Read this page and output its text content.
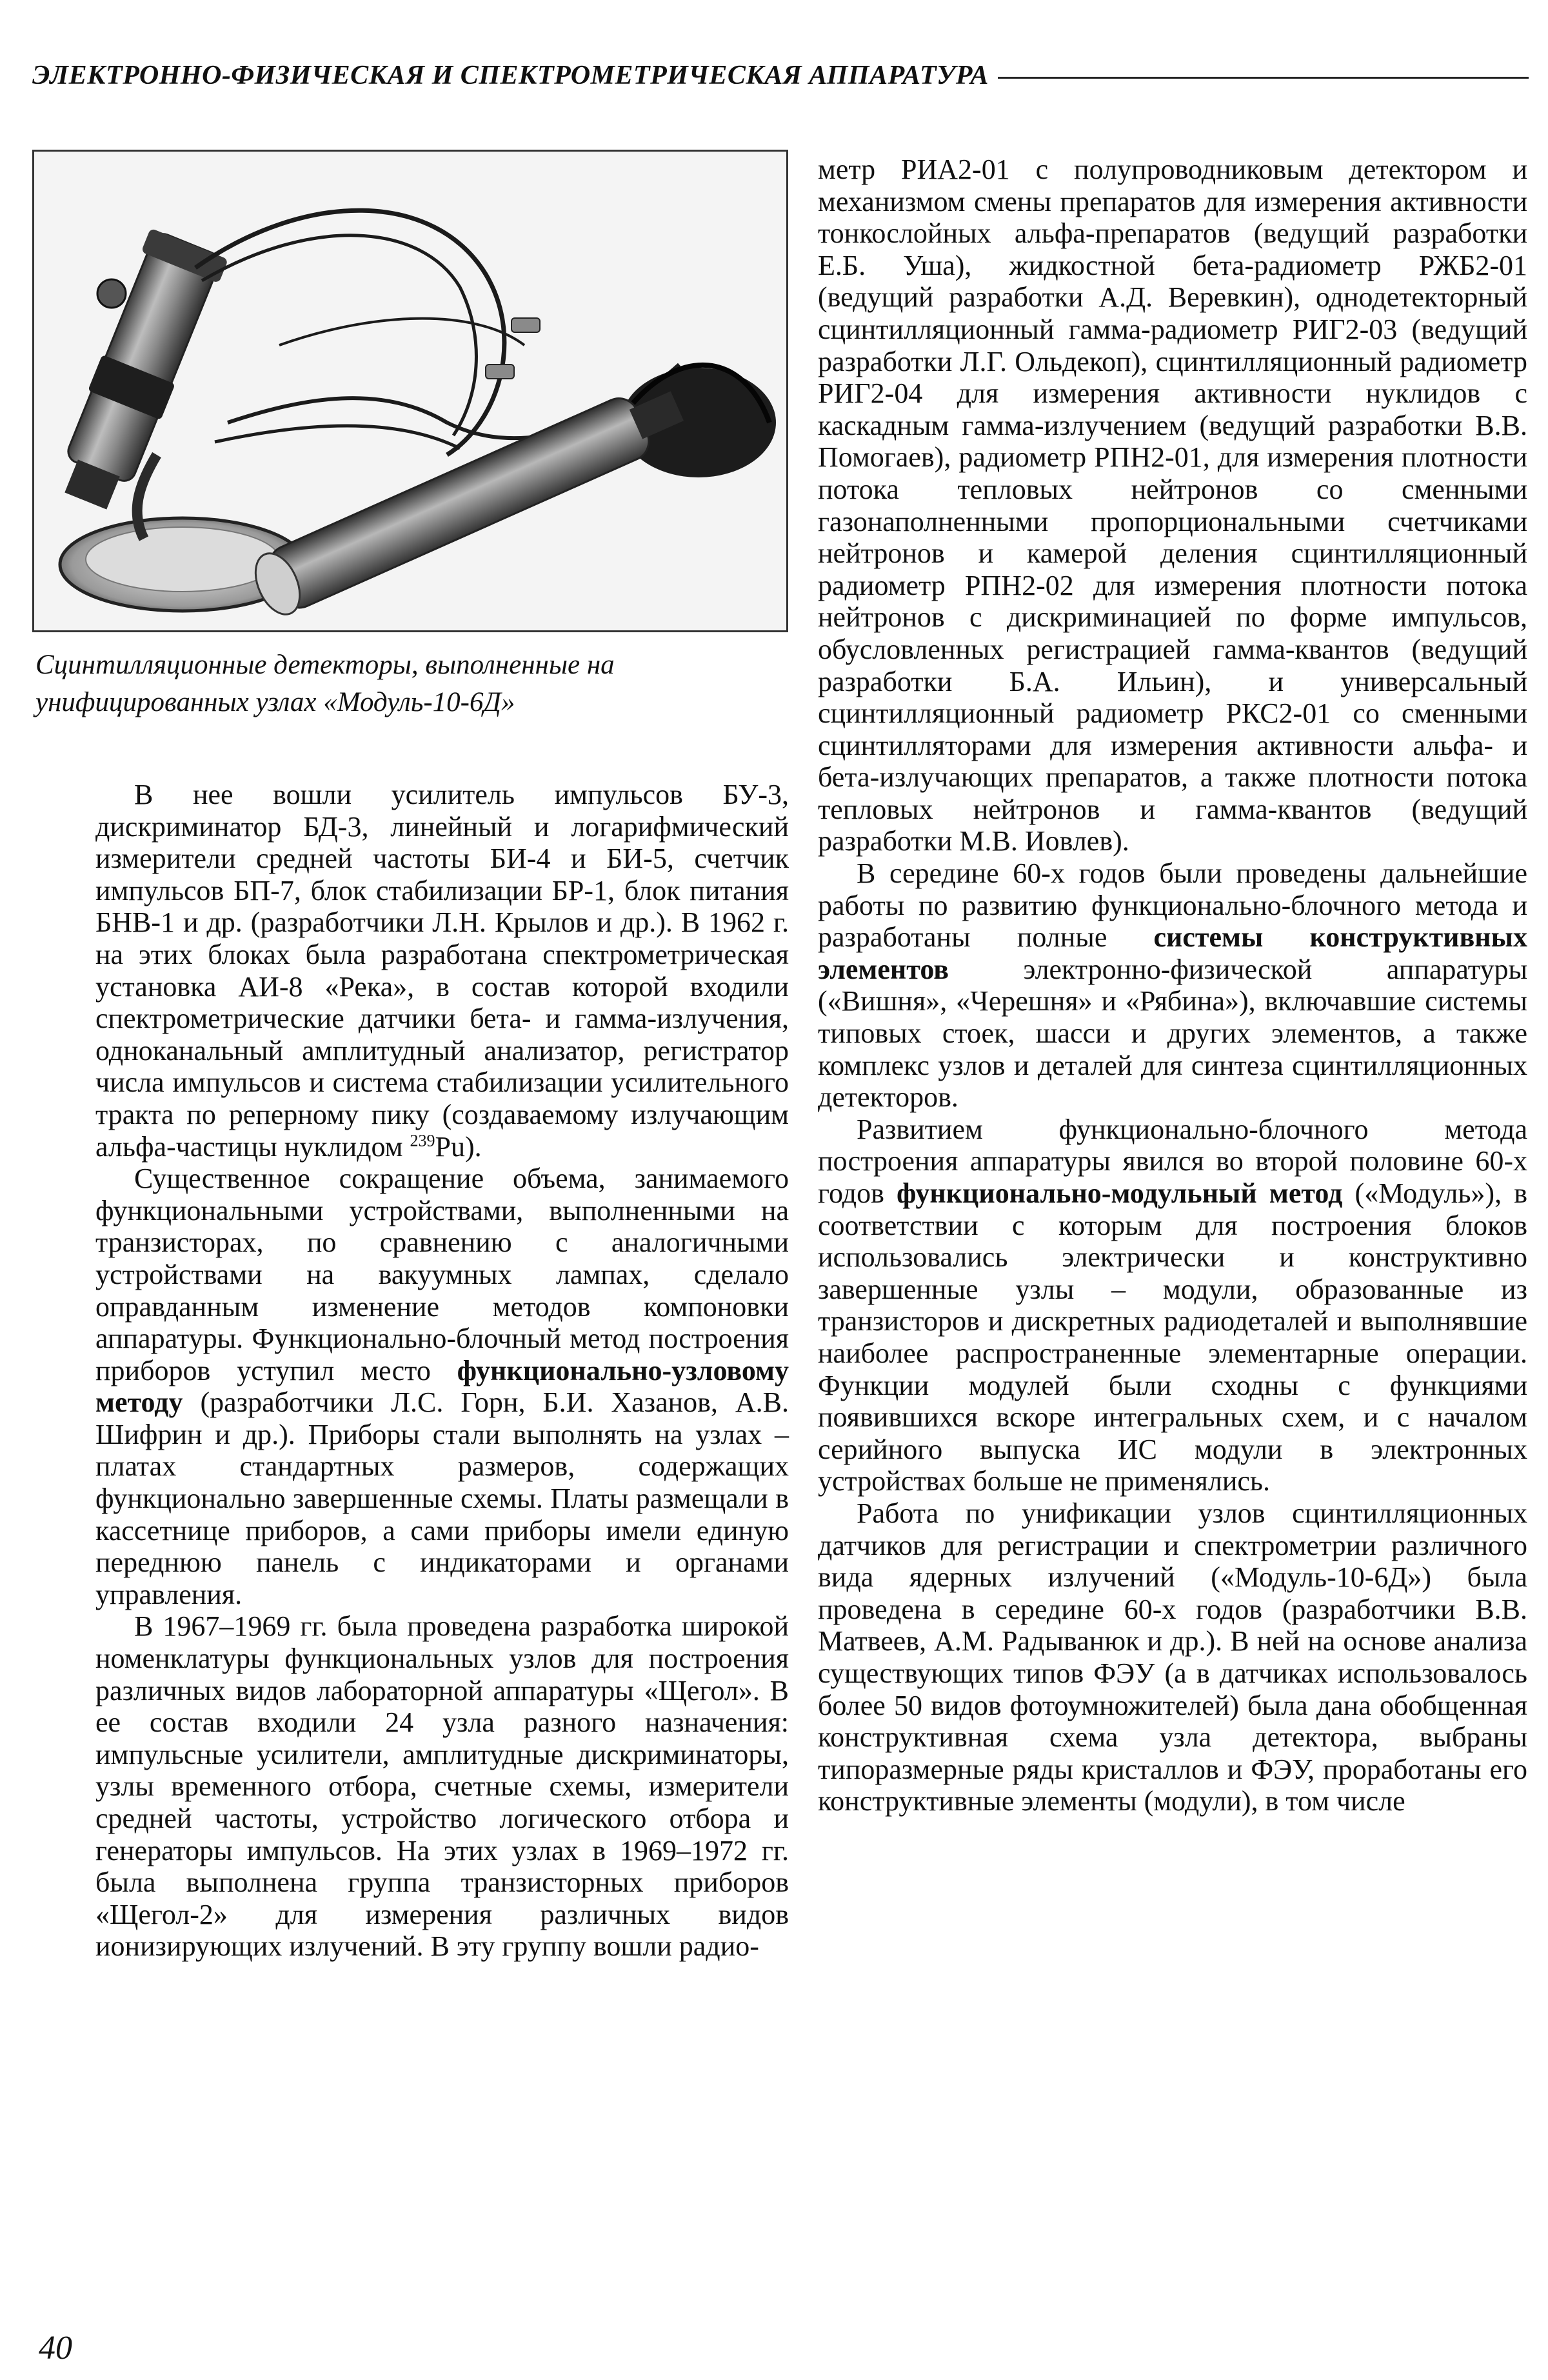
ЭЛЕКТРОННО-ФИЗИЧЕСКАЯ И СПЕКТРОМЕТРИЧЕСКАЯ АППАРАТУРА
Сцинтилляционные детекторы, выполненные на
унифицированных узлах «Модуль-10-6Д»

В нее вошли усилитель импульсов БУ-3, дискриминатор БД-3, линейный и логарифмический измерители средней частоты БИ-4 и БИ-5, счетчик импульсов БП-7, блок стабилизации БР-1, блок питания БНВ-1 и др. (разработчики Л.Н. Крылов и др.). В 1962 г. на этих блоках была разработана спектрометрическая установка АИ-8 «Река», в состав которой входили спектрометрические датчики бета- и гамма-излучения, одноканальный амплитудный анализатор, регистратор числа импульсов и система стабилизации усилительного тракта по реперному пику (создаваемому излучающим альфа-частицы нуклидом $^{239}$Pu).

Существенное сокращение объема, занимаемого функциональными устройствами, выполненными на транзисторах, по сравнению с аналогичными устройствами на вакуумных лампах, сделало оправданным изменение методов компоновки аппаратуры. Функционально-блочный метод построения приборов уступил место функционально-узловому методу (разработчики Л.С. Горн, Б.И. Хазанов, А.В. Шифрин и др.). Приборы стали выполнять на узлах – платах стандартных размеров, содержащих функционально завершенные схемы. Платы размещали в кассетнице приборов, а сами приборы имели единую переднюю панель с индикаторами и органами управления.

В 1967–1969 гг. была проведена разработка широкой номенклатуры функциональных узлов для построения различных видов лабораторной аппаратуры «Щегол». В ее состав входили 24 узла разного назначения: импульсные усилители, амплитудные дискриминаторы, узлы временного отбора, счетные схемы, измерители средней частоты, устройство логического отбора и генераторы импульсов. На этих узлах в 1969–1972 гг. была выполнена группа транзисторных приборов «Щегол-2» для измерения различных видов ионизирующих излучений. В эту группу вошли радио-

метр РИА2-01 с полупроводниковым детектором и механизмом смены препаратов для измерения активности тонкослойных альфа-препаратов (ведущий разработки Е.Б. Уша), жидкостной бета-радиометр РЖБ2-01 (ведущий разработки А.Д. Веревкин), однодетекторный сцинтилляционный гамма-радиометр РИГ2-03 (ведущий разработки Л.Г. Ольдекоп), сцинтилляционный радиометр РИГ2-04 для измерения активности нуклидов с каскадным гамма-излучением (ведущий разработки В.В. Помогаев), радиометр РПН2-01, для измерения плотности потока тепловых нейтронов со сменными газонаполненными пропорциональными счетчиками нейтронов и камерой деления сцинтилляционный радиометр РПН2-02 для измерения плотности потока нейтронов с дискриминацией по форме импульсов, обусловленных регистрацией гамма-квантов (ведущий разработки Б.А. Ильин), и универсальный сцинтилляционный радиометр РКС2-01 со сменными сцинтилляторами для измерения активности альфа- и бета-излучающих препаратов, а также плотности потока тепловых нейтронов и гамма-квантов (ведущий разработки М.В. Иовлев).

В середине 60-х годов были проведены дальнейшие работы по развитию функционально-блочного метода и разработаны полные системы конструктивных элементов	электронно-физической аппаратуры («Вишня», «Черешня» и «Рябина»), включавшие системы типовых стоек, шасси и других элементов, а также комплекс узлов и деталей для синтеза сцинтилляционных детекторов.

Развитием функционально-блочного метода построения аппаратуры явился во второй половине 60-х годов функционально-модульный метод («Модуль»), в соответствии с которым для построения блоков использовались электрически и конструктивно завершенные узлы – модули, образованные из транзисторов и дискретных радиодеталей и выполнявшие наиболее распространенные элементарные операции. Функции модулей были сходны с функциями появившихся вскоре интегральных схем, и с началом серийного выпуска ИС модули в электронных устройствах больше не применялись.

Работа по унификации узлов сцинтилляционных датчиков для регистрации и спектрометрии различного вида ядерных излучений («Модуль-10-6Д») была проведена в середине 60-х годов (разработчики В.В. Матвеев, А.М. Радыванюк и др.). В ней на основе анализа существующих типов ФЭУ (а в датчиках использовалось более 50 видов фотоумножителей) была дана обобщенная конструктивная схема узла детектора, выбраны типоразмерные ряды кристаллов и ФЭУ, проработаны его конструктивные элементы (модули), в том числе

40
